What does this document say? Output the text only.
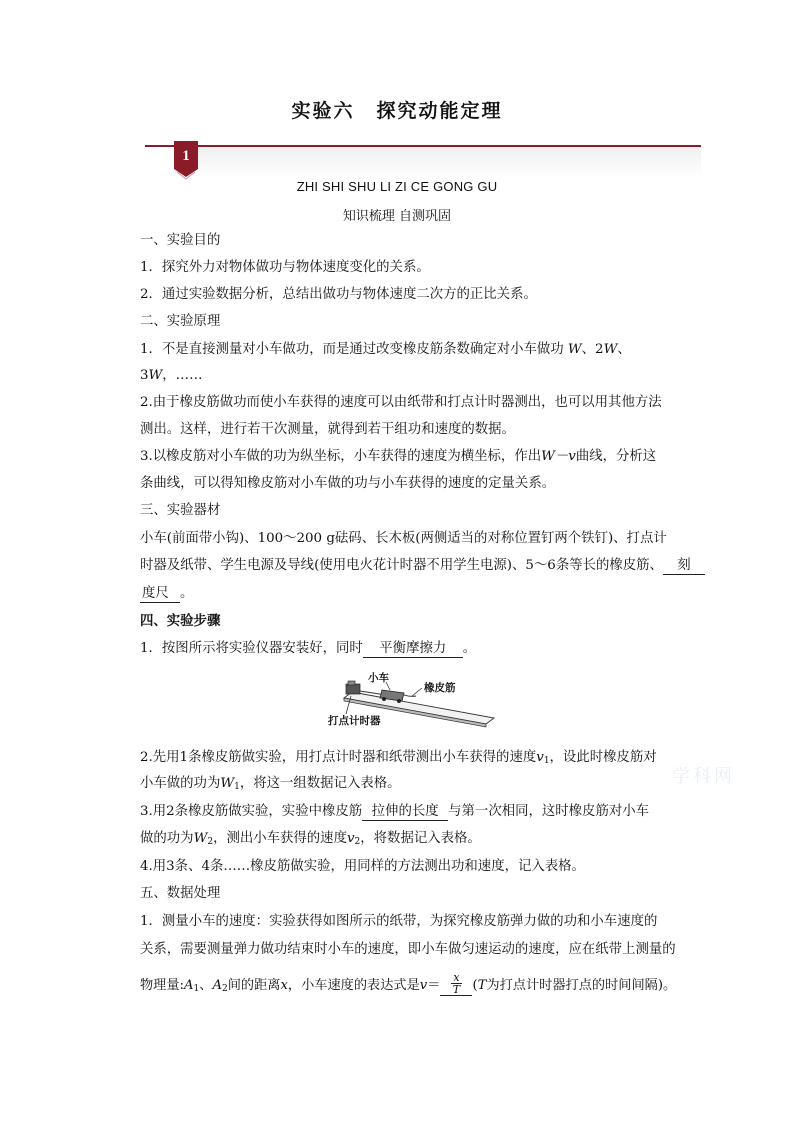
实验六 探究动能定理
1
ZHI SHI SHU LI ZI CE GONG GU
知识梳理 自测巩固
一、实验目的
1．探究外力对物体做功与物体速度变化的关系。
2．通过实验数据分析，总结出做功与物体速度二次方的正比关系。
二、实验原理
1．不是直接测量对小车做功，而是通过改变橡皮筋条数确定对小车做功 W、2W、
3W，……
2.由于橡皮筋做功而使小车获得的速度可以由纸带和打点计时器测出，也可以用其他方法
测出。这样，进行若干次测量，就得到若干组功和速度的数据。
3.以橡皮筋对小车做的功为纵坐标，小车获得的速度为横坐标，作出W－v曲线，分析这
条曲线，可以得知橡皮筋对小车做的功与小车获得的速度的定量关系。
三、实验器材
小车(前面带小钩)、100～200 g砝码、长木板(两侧适当的对称位置钉两个铁钉)、打点计
时器及纸带、学生电源及导线(使用电火花计时器不用学生电源)、5～6条等长的橡皮筋、 刻
度尺 。
四、实验步骤
1．按图所示将实验仪器安装好，同时 平衡摩擦力 。
小车
橡皮筋
打点计时器
2.先用1条橡皮筋做实验，用打点计时器和纸带测出小车获得的速度$v_1$，设此时橡皮筋对
小车做的功为$W_1$，将这一组数据记入表格。
3.用2条橡皮筋做实验，实验中橡皮筋 拉伸的长度 与第一次相同，这时橡皮筋对小车
做的功为$W_2$，测出小车获得的速度$v_2$，将数据记入表格。
4.用3条、4条……橡皮筋做实验，用同样的方法测出功和速度，记入表格。
五、数据处理
1．测量小车的速度：实验获得如图所示的纸带，为探究橡皮筋弹力做的功和小车速度的
关系，需要测量弹力做功结束时小车的速度，即小车做匀速运动的速度，应在纸带上测量的
物理量$:A_1$、$A_2$间的距离x，小车速度的表达式是$v= \frac{x}{T} (T$为打点计时器打点的时间间隔)。
学科网
